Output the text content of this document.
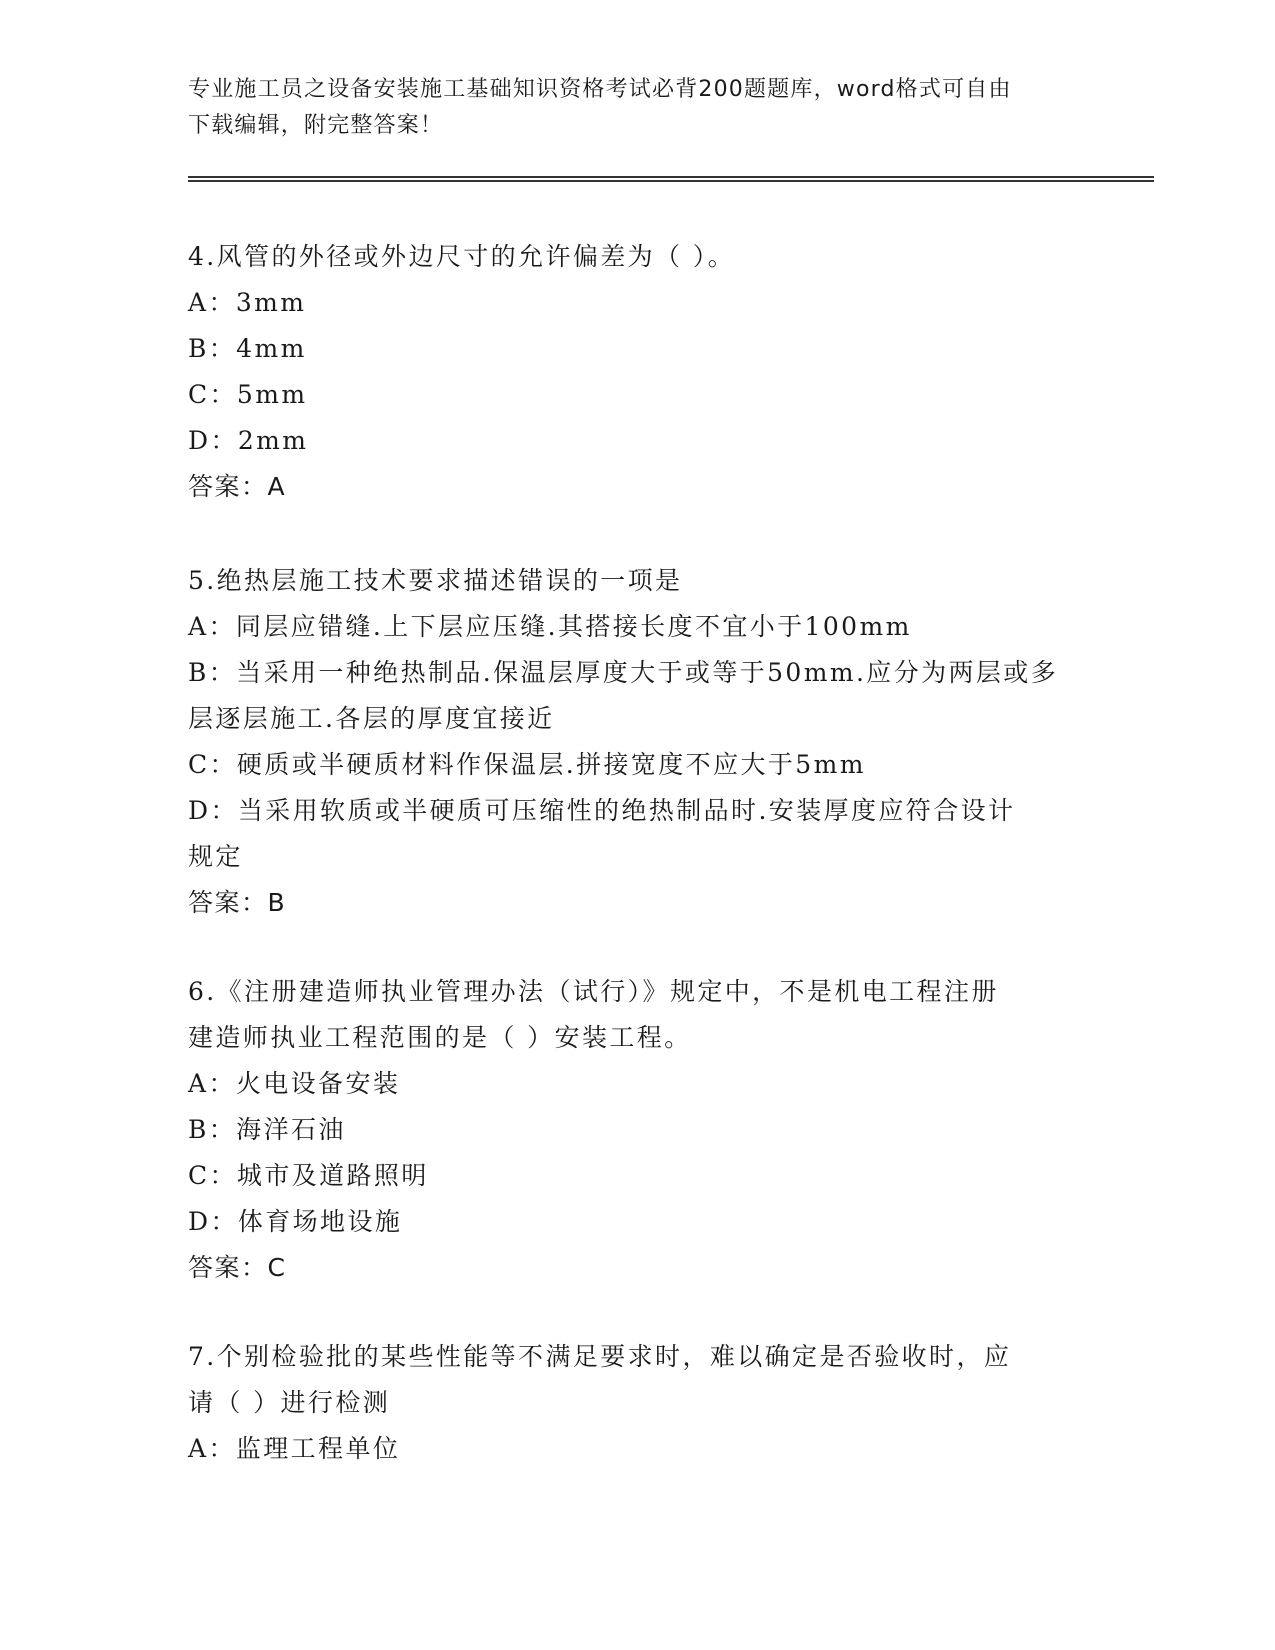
专业施工员之设备安装施工基础知识资格考试必背200题题库，word格式可自由
下载编辑，附完整答案！
4.风管的外径或外边尺寸的允许偏差为（ ）。
A：3mm
B：4mm
C：5mm
D：2mm
答案：A
5.绝热层施工技术要求描述错误的一项是
A：同层应错缝.上下层应压缝.其搭接长度不宜小于100mm
B：当采用一种绝热制品.保温层厚度大于或等于50mm.应分为两层或多
层逐层施工.各层的厚度宜接近
C：硬质或半硬质材料作保温层.拼接宽度不应大于5mm
D：当采用软质或半硬质可压缩性的绝热制品时.安装厚度应符合设计
规定
答案：B
6.《注册建造师执业管理办法（试行）》规定中，不是机电工程注册
建造师执业工程范围的是（ ）安装工程。
A：火电设备安装
B：海洋石油
C：城市及道路照明
D：体育场地设施
答案：C
7.个别检验批的某些性能等不满足要求时，难以确定是否验收时，应
请（ ）进行检测
A：监理工程单位
